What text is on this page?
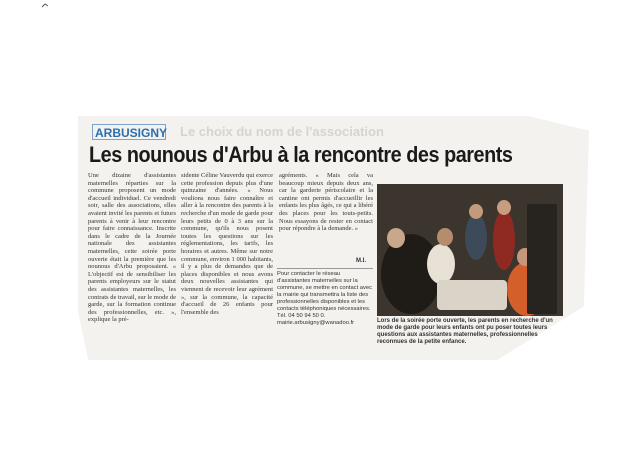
Le choix du nom de l'association
ARBUSIGNY
Les nounous d'Arbu à la rencontre des parents
Une dizaine d'assistantes maternelles réparties sur la commune proposent un mode d'accueil individuel. Ce vendredi soir, salle des associations, elles avaient invité les parents et futurs parents à venir à leur rencontre pour faire connaissance. Inscrite dans le cadre de la Journée nationale des assistantes maternelles, cette soirée porte ouverte était la première que les nounous d'Arbu proposaient. « L'objectif est de sensibiliser les parents employeurs sur le statut des assistantes maternelles, les contrats de travail, sur le mode de garde, sur la formation continue des professionnelles, etc. », explique la pré-
sidente Céline Vauverdu qui exerce cette profession depuis plus d'une quinzaine d'années. « Nous voulions nous faire connaître et aller à la rencontre des parents à la recherche d'un mode de garde pour leurs petits de 0 à 3 ans sur la commune, qu'ils nous posent toutes les questions sur les réglementations, les tarifs, les horaires et autres. Même sur notre commune, environ 1 000 habitants, il y a plus de demandes que de places disponibles et nous avons deux nouvelles assistantes qui viennent de recevoir leur agrément », sur la commune, la capacité d'accueil de 26 enfants pour l'ensemble des
agréments. « Mais cela va beaucoup mieux depuis deux ans, car la garderie périscolaire et la cantine ont permis d'accueillir les enfants les plus âgés, ce qui a libéré des places pour les touts-petits. Nous essayons de rester en contact pour répondre à la demande. »
M.I.
Pour contacter le réseau d'assistantes maternelles sur la commune, se mettre en contact avec la mairie qui transmettra la liste des professionnelles disponibles et les contacts téléphoniques nécessaires. Tél. 04 50 94 50 0. mairie.arbusigny@wanadoo.fr	Lors de la soirée porte ouverte, les parents en recherche d'un mode de garde pour leurs enfants ont pu poser toutes leurs questions aux assistantes maternelles, professionnelles reconnues de la petite enfance.
